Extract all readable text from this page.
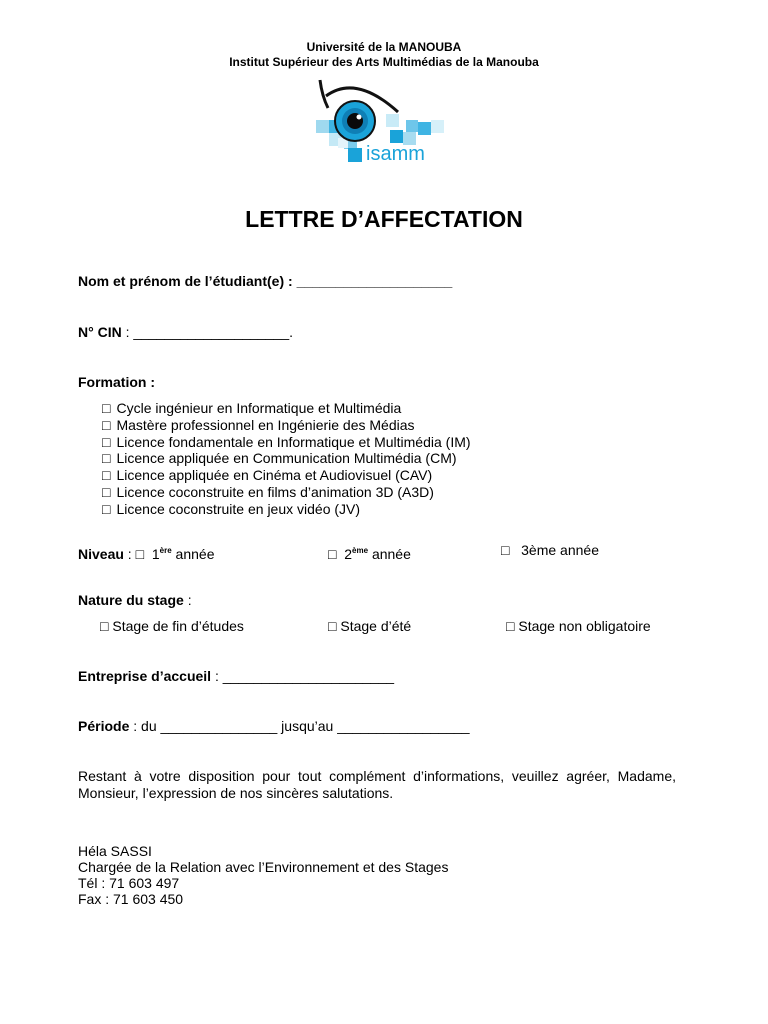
Université de la MANOUBA
Institut Supérieur des Arts Multimédias de la Manouba
isamm
LETTRE D’AFFECTATION
Nom et prénom de l’étudiant(e) : ____________________
N° CIN : ____________________.
Formation :
□ Cycle ingénieur en Informatique et Multimédia
□ Mastère professionnel en Ingénierie des Médias
□ Licence fondamentale en Informatique et Multimédia (IM)
□ Licence appliquée en Communication Multimédia (CM)
□ Licence appliquée en Cinéma et Audiovisuel (CAV)
□ Licence coconstruite en films d’animation 3D (A3D)
□ Licence coconstruite en jeux vidéo (JV)
Niveau : □ 1ère année	□ 2ème année	□ 3ème année
Nature du stage :
□ Stage de fin d’études	□ Stage d’été	□ Stage non obligatoire
Entreprise d’accueil : ______________________
Période : du _______________ jusqu’au _________________
Restant à votre disposition pour tout complément d’informations, veuillez agréer, Madame, Monsieur, l’expression de nos sincères salutations.
Héla SASSI
Chargée de la Relation avec l’Environnement et des Stages
Tél : 71 603 497
Fax : 71 603 450
